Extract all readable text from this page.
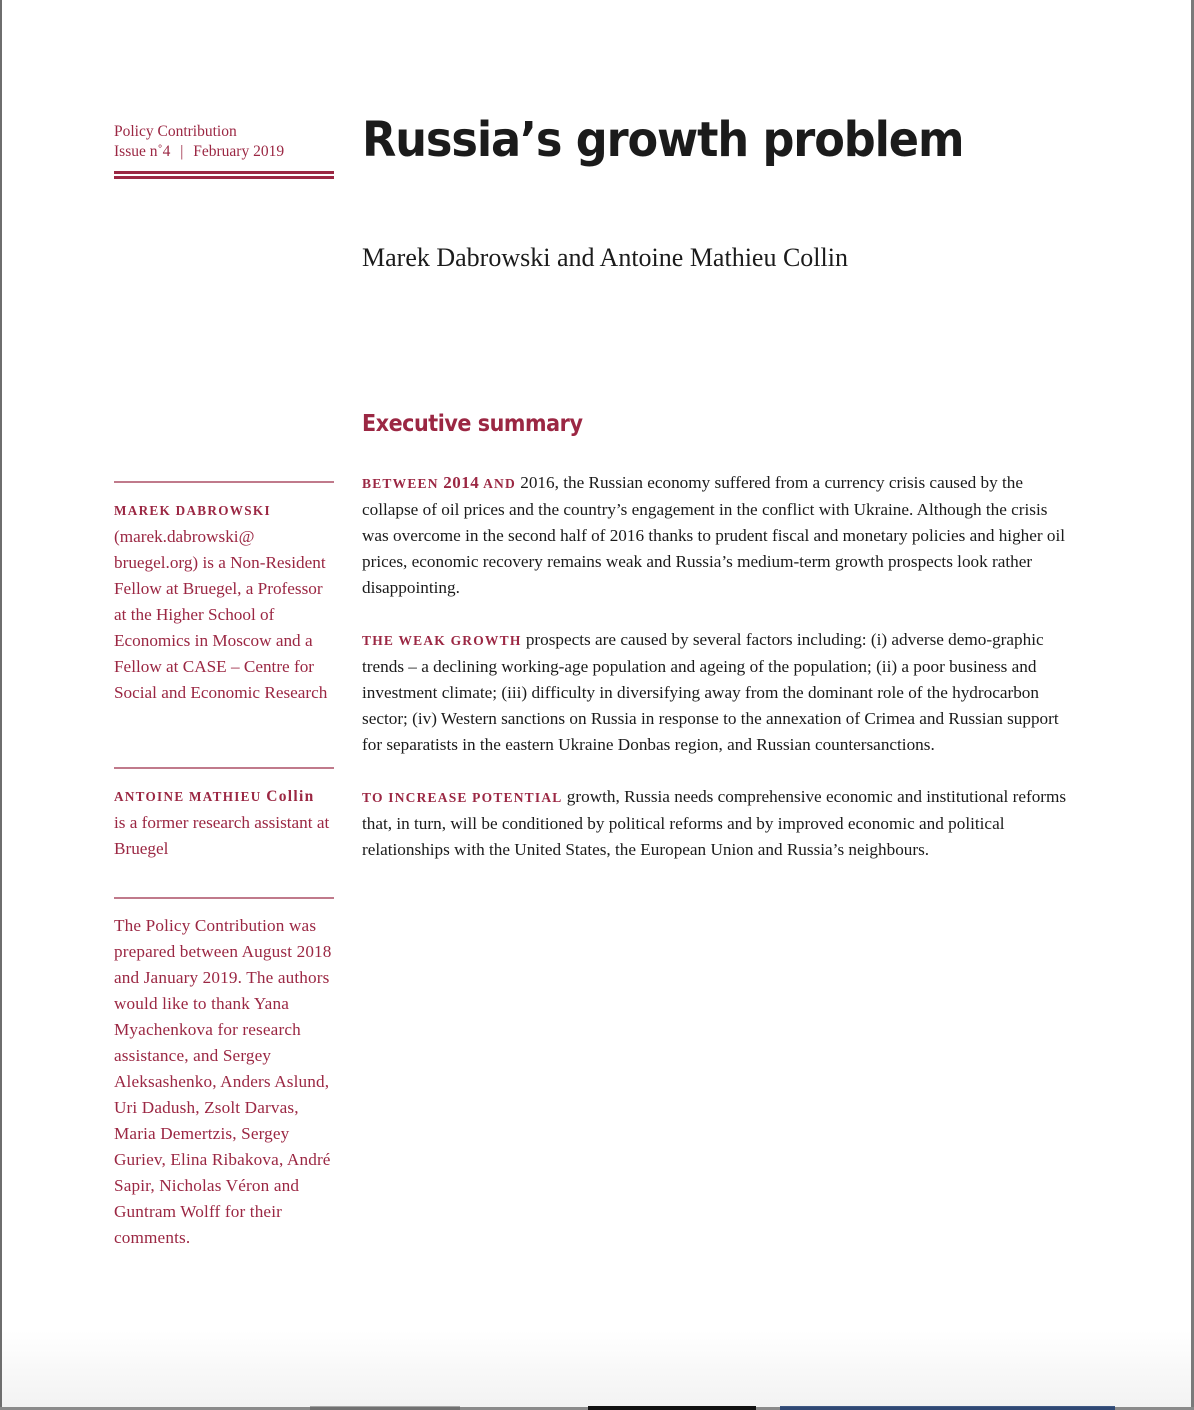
Policy Contribution
Issue n˚4 | February 2019	Russia’s growth problem
Marek Dabrowski and Antoine Mathieu Collin
Executive summary

BETWEEN 2014 AND 2016, the Russian economy suffered from a currency crisis caused by the collapse of oil prices and the country’s engagement in the conflict with Ukraine. Although the crisis was overcome in the second half of 2016 thanks to prudent fiscal and monetary policies and higher oil prices, economic recovery remains weak and Russia’s medium-term growth prospects look rather disappointing.

THE WEAK GROWTH prospects are caused by several factors including: (i) adverse demo-graphic trends – a declining working-age population and ageing of the population; (ii) a poor business and investment climate; (iii) difficulty in diversifying away from the dominant role of the hydrocarbon sector; (iv) Western sanctions on Russia in response to the annexation of Crimea and Russian support for separatists in the eastern Ukraine Donbas region, and Russian countersanctions.

TO INCREASE POTENTIAL growth, Russia needs comprehensive economic and institutional reforms that, in turn, will be conditioned by political reforms and by improved economic and political relationships with the United States, the European Union and Russia’s neighbours.

MAREK DABROWSKI
(marek.dabrowski@ bruegel.org) is a Non-Resident Fellow at Bruegel, a Professor at the Higher School of Economics in Moscow and a Fellow at CASE – Centre for Social and Economic Research
ANTOINE MATHIEU Collin
is a former research assistant at Bruegel
The Policy Contribution was prepared between August 2018 and January 2019. The authors would like to thank Yana Myachenkova for research assistance, and Sergey Aleksashenko, Anders Aslund, Uri Dadush, Zsolt Darvas, Maria Demertzis, Sergey Guriev, Elina Ribakova, André Sapir, Nicholas Véron and Guntram Wolff for their comments.
